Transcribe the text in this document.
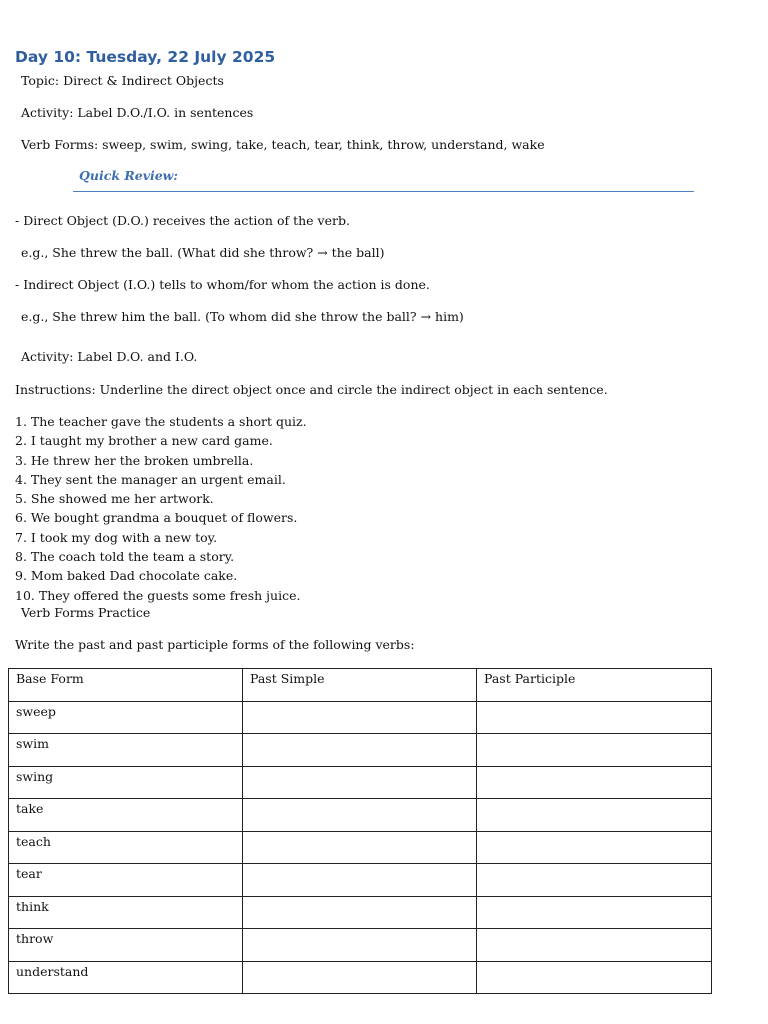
Day 10: Tuesday, 22 July 2025
Topic: Direct & Indirect Objects
Activity: Label D.O./I.O. in sentences
Verb Forms: sweep, swim, swing, take, teach, tear, think, throw, understand, wake
Quick Review:
- Direct Object (D.O.) receives the action of the verb.
e.g., She threw the ball. (What did she throw? → the ball)
- Indirect Object (I.O.) tells to whom/for whom the action is done.
e.g., She threw him the ball. (To whom did she throw the ball? → him)
Activity: Label D.O. and I.O.
Instructions: Underline the direct object once and circle the indirect object in each sentence.
1. The teacher gave the students a short quiz.
2. I taught my brother a new card game.
3. He threw her the broken umbrella.
4. They sent the manager an urgent email.
5. She showed me her artwork.
6. We bought grandma a bouquet of flowers.
7. I took my dog with a new toy.
8. The coach told the team a story.
9. Mom baked Dad chocolate cake.
10. They offered the guests some fresh juice.
Verb Forms Practice
Write the past and past participle forms of the following verbs:
Base Form	Past Simple	Past Participle
sweep		
swim		
swing		
take		
teach		
tear		
think		
throw		
understand		
